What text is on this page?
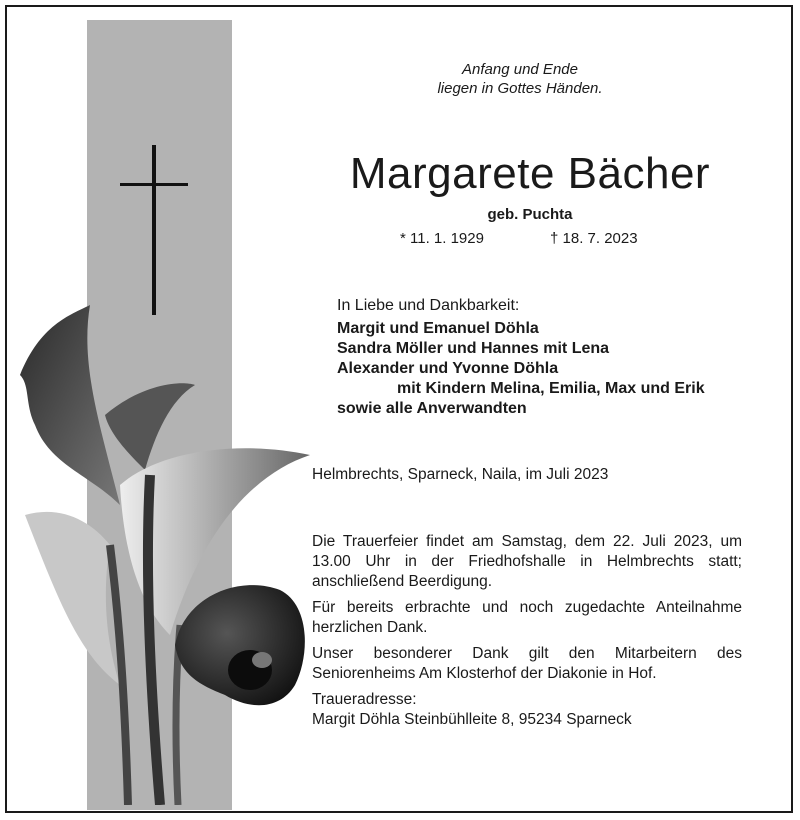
Anfang und Ende
liegen in Gottes Händen.
Margarete Bächer
geb. Puchta
* 11. 1. 1929	† 18. 7. 2023
In Liebe und Dankbarkeit:
Margit und Emanuel Döhla
Sandra Möller und Hannes mit Lena
Alexander und Yvonne Döhla
mit Kindern Melina, Emilia, Max und Erik
sowie alle Anverwandten
Helmbrechts, Sparneck, Naila, im Juli 2023

Die Trauerfeier findet am Samstag, dem 22. Juli 2023, um 13.00 Uhr in der Friedhofshalle in Helmbrechts statt; anschließend Beerdigung.

Für bereits erbrachte und noch zugedachte Anteilnahme herzlichen Dank.

Unser besonderer Dank gilt den Mitarbeitern des Seniorenheims Am Klosterhof der Diakonie in Hof.

Traueradresse:
Margit Döhla Steinbühlleite 8, 95234 Sparneck
